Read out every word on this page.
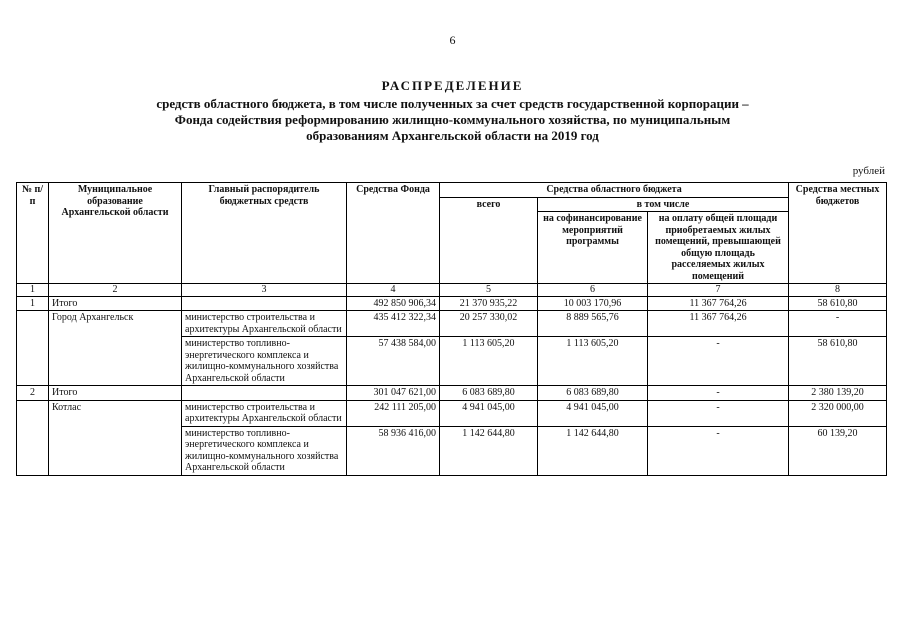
6
РАСПРЕДЕЛЕНИЕ
средств областного бюджета, в том числе полученных за счет средств государственной корпорации –
Фонда содействия реформированию жилищно-коммунального хозяйства, по муниципальным
образованиям Архангельской области на 2019 год
рублей
№ п/п	Муниципальное образование Архангельской области	Главный распорядитель бюджетных средств	Средства Фонда	Средства областного бюджета			Средства местных бюджетов
				всего	в том числе		
					на софинансирование мероприятий программы	на оплату общей площади приобретаемых жилых помещений, превышающей общую площадь расселяемых жилых помещений	
1	2	3	4	5	6	7	8
1	Итого		492 850 906,34	21 370 935,22	10 003 170,96	11 367 764,26	58 610,80
	Город Архангельск	министерство строительства и архитектуры Архангельской области	435 412 322,34	20 257 330,02	8 889 565,76	11 367 764,26	-
		министерство топливно-энергетического комплекса и жилищно-коммунального хозяйства Архангельской области	57 438 584,00	1 113 605,20	1 113 605,20	-	58 610,80
2	Итого		301 047 621,00	6 083 689,80	6 083 689,80	-	2 380 139,20
	Котлас	министерство строительства и архитектуры Архангельской области	242 111 205,00	4 941 045,00	4 941 045,00	-	2 320 000,00
		министерство топливно-энергетического комплекса и жилищно-коммунального хозяйства Архангельской области	58 936 416,00	1 142 644,80	1 142 644,80	-	60 139,20
